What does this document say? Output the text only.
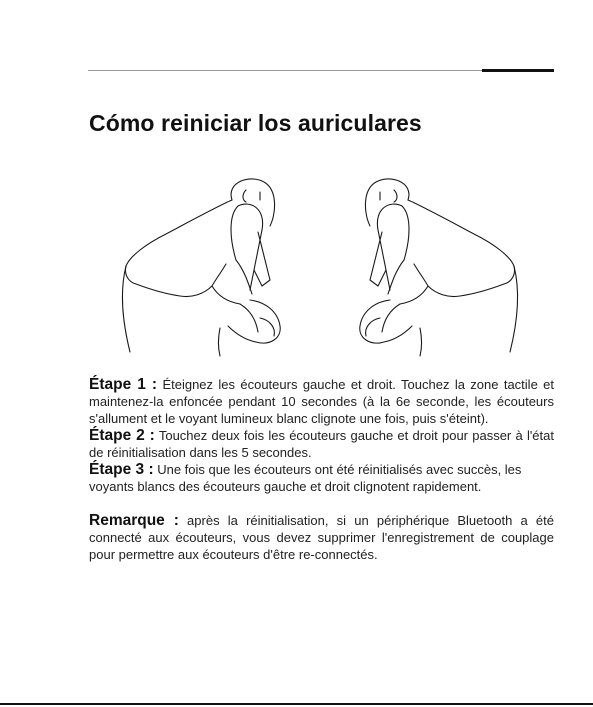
Cómo reiniciar los auriculares

Étape 1 : Éteignez les écouteurs gauche et droit. Touchez la zone tactile et maintenez-la enfoncée pendant 10 secondes (à la 6e seconde, les écouteurs s'allument et le voyant lumineux blanc clignote une fois, puis s'éteint).

Étape 2 : Touchez deux fois les écouteurs gauche et droit pour passer à l'état de réinitialisation dans les 5 secondes.

Étape 3 : Une fois que les écouteurs ont été réinitialisés avec succès, les voyants blancs des écouteurs gauche et droit clignotent rapidement.

Remarque : après la réinitialisation, si un périphérique Bluetooth a été connecté aux écouteurs, vous devez supprimer l'enregistrement de couplage pour permettre aux écouteurs d'être re-connectés.
